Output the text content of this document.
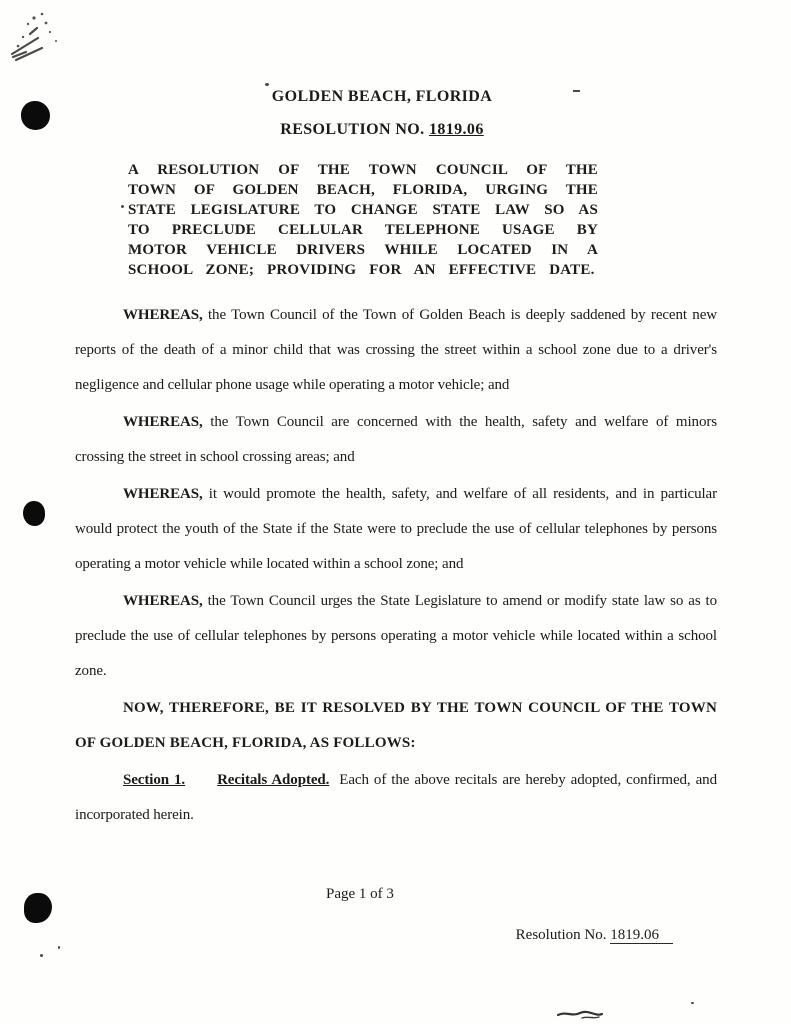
GOLDEN BEACH, FLORIDA

RESOLUTION NO. 1819.06

A RESOLUTION OF THE TOWN COUNCIL OF THE TOWN OF GOLDEN BEACH, FLORIDA, URGING THE STATE LEGISLATURE TO CHANGE STATE LAW SO AS TO PRECLUDE CELLULAR TELEPHONE USAGE BY MOTOR VEHICLE DRIVERS WHILE LOCATED IN A SCHOOL ZONE; PROVIDING FOR AN EFFECTIVE DATE.

WHEREAS, the Town Council of the Town of Golden Beach is deeply saddened by recent new reports of the death of a minor child that was crossing the street within a school zone due to a driver's negligence and cellular phone usage while operating a motor vehicle; and

WHEREAS, the Town Council are concerned with the health, safety and welfare of minors crossing the street in school crossing areas; and

WHEREAS, it would promote the health, safety, and welfare of all residents, and in particular would protect the youth of the State if the State were to preclude the use of cellular telephones by persons operating a motor vehicle while located within a school zone; and

WHEREAS, the Town Council urges the State Legislature to amend or modify state law so as to preclude the use of cellular telephones by persons operating a motor vehicle while located within a school zone.

NOW, THEREFORE, BE IT RESOLVED BY THE TOWN COUNCIL OF THE TOWN OF GOLDEN BEACH, FLORIDA, AS FOLLOWS:

Section 1. Recitals Adopted. Each of the above recitals are hereby adopted, confirmed, and incorporated herein.

Page 1 of 3
Resolution No. 1819.06
